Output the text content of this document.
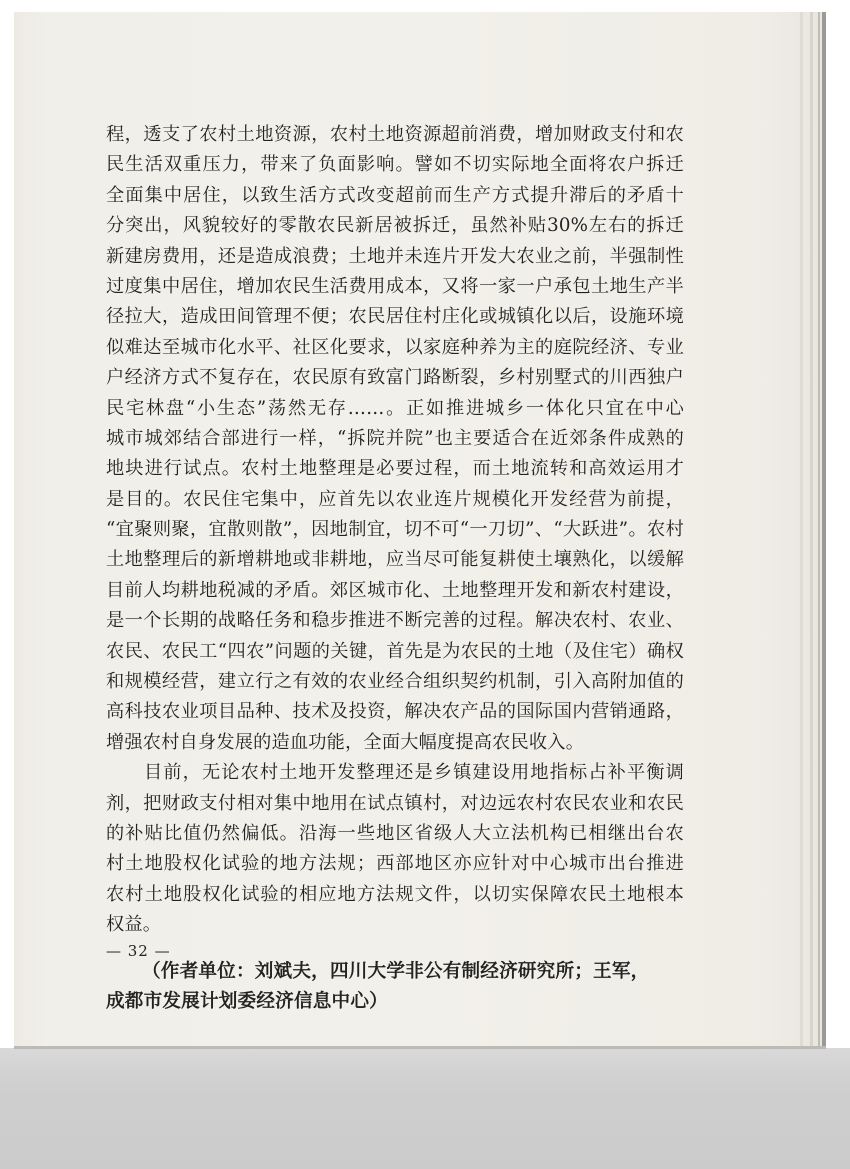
程，透支了农村土地资源，农村土地资源超前消费，增加财政支付和农
民生活双重压力，带来了负面影响。譬如不切实际地全面将农户拆迁
全面集中居住，以致生活方式改变超前而生产方式提升滞后的矛盾十
分突出，风貌较好的零散农民新居被拆迁，虽然补贴30%左右的拆迁
新建房费用，还是造成浪费；土地并未连片开发大农业之前，半强制性
过度集中居住，增加农民生活费用成本，又将一家一户承包土地生产半
径拉大，造成田间管理不便；农民居住村庄化或城镇化以后，设施环境
似难达至城市化水平、社区化要求，以家庭种养为主的庭院经济、专业
户经济方式不复存在，农民原有致富门路断裂，乡村别墅式的川西独户
民宅林盘“小生态”荡然无存……。正如推进城乡一体化只宜在中心
城市城郊结合部进行一样，“拆院并院”也主要适合在近郊条件成熟的
地块进行试点。农村土地整理是必要过程，而土地流转和高效运用才
是目的。农民住宅集中，应首先以农业连片规模化开发经营为前提，
“宜聚则聚，宜散则散”，因地制宜，切不可“一刀切”、“大跃进”。农村
土地整理后的新增耕地或非耕地，应当尽可能复耕使土壤熟化，以缓解
目前人均耕地税减的矛盾。郊区城市化、土地整理开发和新农村建设，
是一个长期的战略任务和稳步推进不断完善的过程。解决农村、农业、
农民、农民工“四农”问题的关键，首先是为农民的土地（及住宅）确权
和规模经营，建立行之有效的农业经合组织契约机制，引入高附加值的
高科技农业项目品种、技术及投资，解决农产品的国际国内营销通路，
增强农村自身发展的造血功能，全面大幅度提高农民收入。
目前，无论农村土地开发整理还是乡镇建设用地指标占补平衡调
剂，把财政支付相对集中地用在试点镇村，对边远农村农民农业和农民
的补贴比值仍然偏低。沿海一些地区省级人大立法机构已相继出台农
村土地股权化试验的地方法规；西部地区亦应针对中心城市出台推进
农村土地股权化试验的相应地方法规文件，以切实保障农民土地根本
权益。
（作者单位：刘斌夫，四川大学非公有制经济研究所；王军，
成都市发展计划委经济信息中心）
— 32 —
